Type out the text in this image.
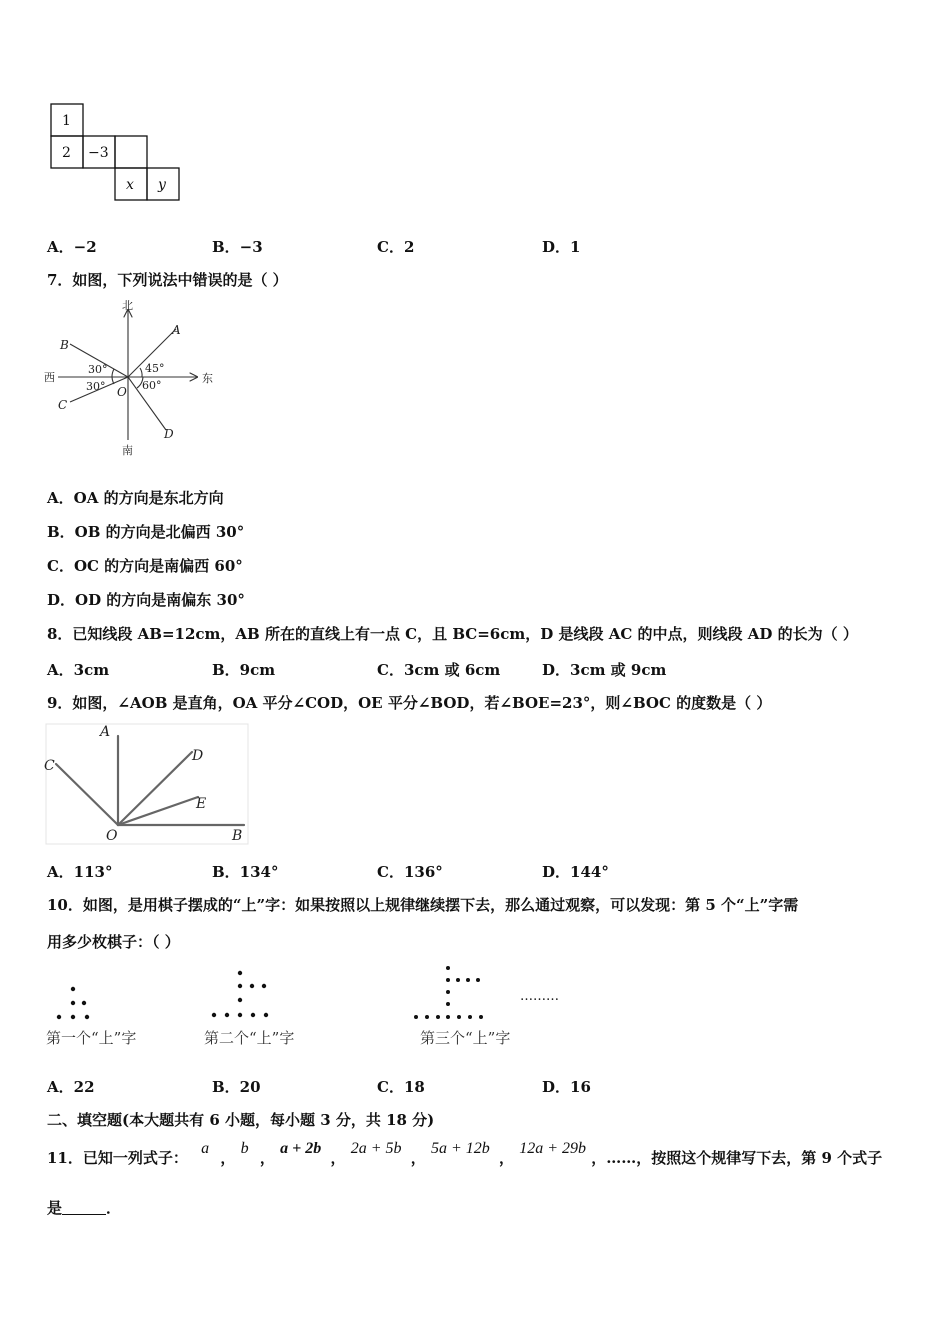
1
2 −3
x y
A．−2	B．−3	C．2	D．1
7．如图，下列说法中错误的是（ ）
北
南
西	东
A
B
C
D
O
30°
30°
45°
60°
A．OA 的方向是东北方向
B．OB 的方向是北偏西 30°
C．OC 的方向是南偏西 60°
D．OD 的方向是南偏东 30°
8．已知线段 AB=12cm，AB 所在的直线上有一点 C，且 BC=6cm，D 是线段 AC 的中点，则线段 AD 的长为（ ）
A．3cm	B．9cm	C．3cm 或 6cm	D．3cm 或 9cm
9．如图，∠AOB 是直角，OA 平分∠COD，OE 平分∠BOD，若∠BOE=23°，则∠BOC 的度数是（ ）
A
C
D
E
O	B
A．113°	B．134°	C．136°	D．144°
10．如图，是用棋子摆成的“上”字：如果按照以上规律继续摆下去，那么通过观察，可以发现：第 5 个“上”字需
用多少枚棋子：（ ）
………
第一个“上”字	第二个“上”字	第三个“上”字
A．22	B．20	C．18	D．16
二、填空题(本大题共有 6 小题，每小题 3 分，共 18 分)
11．已知一列式子： a ， b ， a + 2b ， 2a + 5b ， 5a + 12b ， 12a + 29b ，……，按照这个规律写下去，第 9 个式子
是	．
